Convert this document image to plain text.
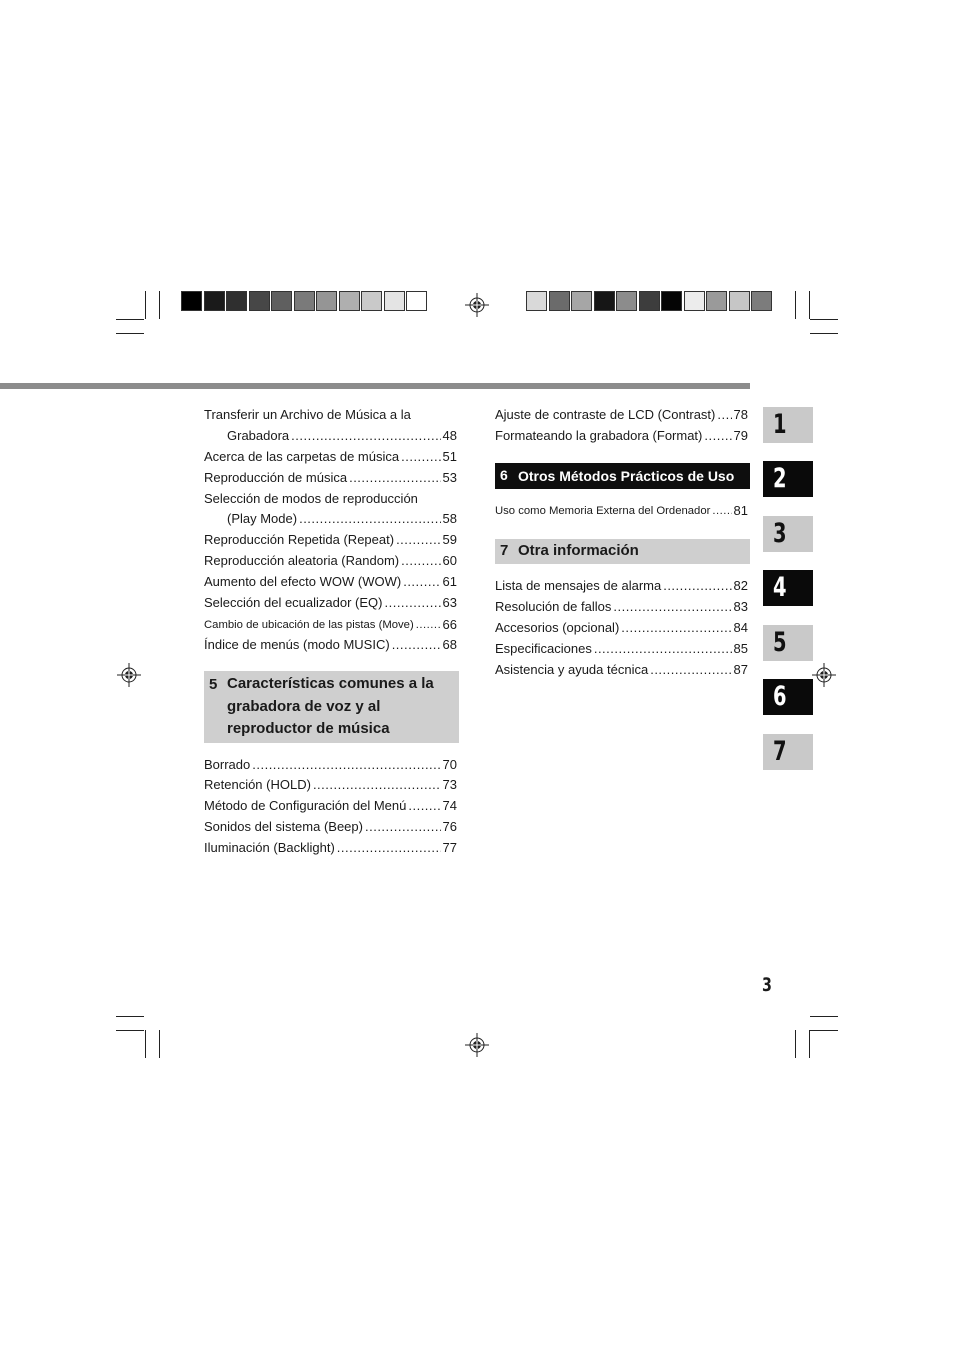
Transferir un Archivo de Música a la
Grabadora .....	48
Acerca de las carpetas de música .....	51
Reproducción de música .....	53
Selección de modos de reproducción
(Play Mode) .....	58
Reproducción Repetida (Repeat) .....	59
Reproducción aleatoria (Random) .....	60
Aumento del efecto WOW (WOW) .....	61
Selección del ecualizador (EQ) .....	63
Cambio de ubicación de las pistas (Move) ..... 66
Índice de menús (modo MUSIC) .....	68
5 Características comunes a la
grabadora de voz y al
reproductor de música
Borrado .....	70
Retención (HOLD) .....	73
Método de Configuración del Menú .....	74
Sonidos del sistema (Beep) .....	76
Iluminación (Backlight) .....	77
Ajuste de contraste de LCD (Contrast) ..... 78
Formateando la grabadora (Format) ..... 79
6 Otros Métodos Prácticos de Uso
Uso como Memoria Externa del Ordenador ..... 81
7 Otra información
Lista de mensajes de alarma .....	82
Resolución de fallos .....	83
Accesorios (opcional) .....	84
Especificaciones .....	85
Asistencia y ayuda técnica .....	87
1
2
3
4
5
6
7
3
